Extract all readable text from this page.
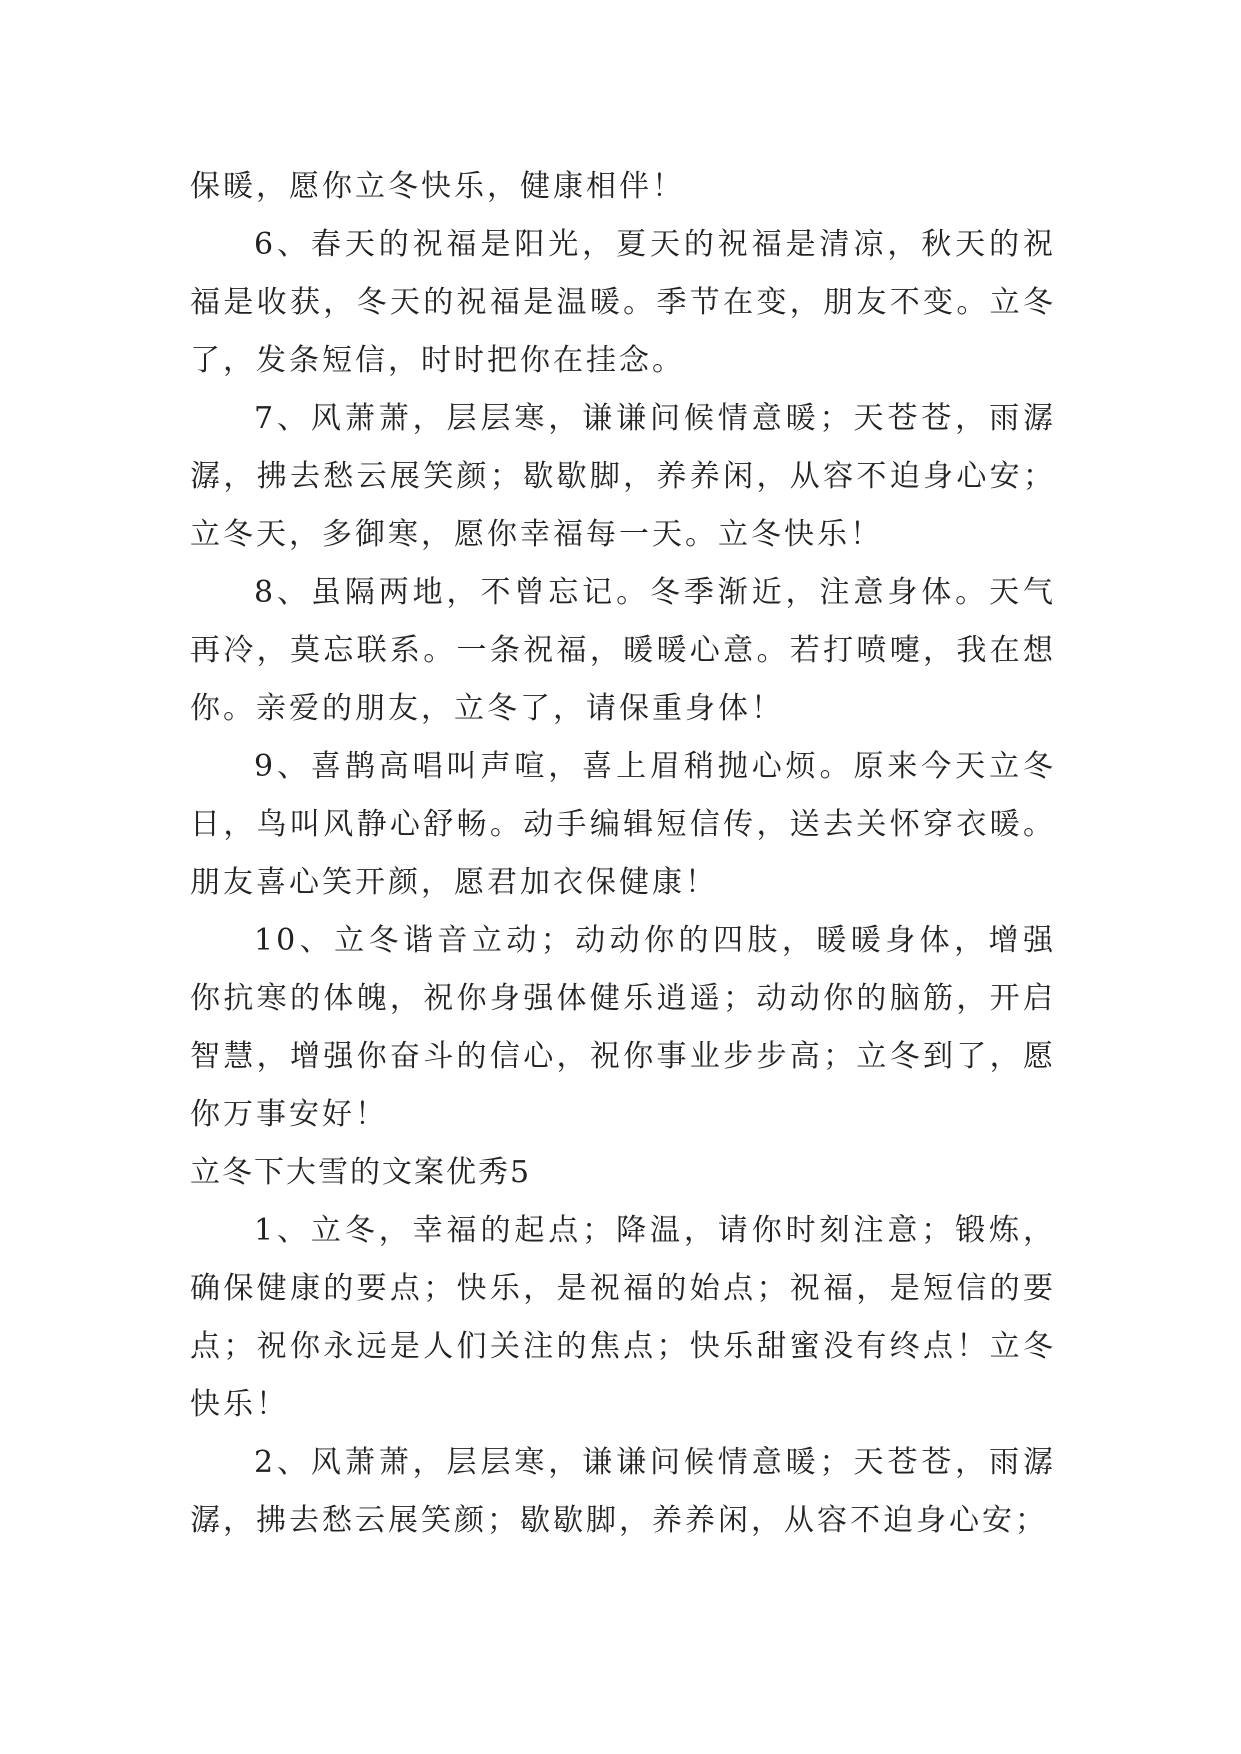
保暖，愿你立冬快乐，健康相伴！

6、春天的祝福是阳光，夏天的祝福是清凉，秋天的祝福是收获，冬天的祝福是温暖。季节在变，朋友不变。立冬了，发条短信，时时把你在挂念。

7、风萧萧，层层寒，谦谦问候情意暖；天苍苍，雨潺潺，拂去愁云展笑颜；歇歇脚，养养闲，从容不迫身心安；立冬天，多御寒，愿你幸福每一天。立冬快乐！

8、虽隔两地，不曾忘记。冬季渐近，注意身体。天气再冷，莫忘联系。一条祝福，暖暖心意。若打喷嚏，我在想你。亲爱的朋友，立冬了，请保重身体！

9、喜鹊高唱叫声喧，喜上眉稍抛心烦。原来今天立冬日，鸟叫风静心舒畅。动手编辑短信传，送去关怀穿衣暖。朋友喜心笑开颜，愿君加衣保健康！

10、立冬谐音立动；动动你的四肢，暖暖身体，增强你抗寒的体魄，祝你身强体健乐逍遥；动动你的脑筋，开启智慧，增强你奋斗的信心，祝你事业步步高；立冬到了，愿你万事安好！

立冬下大雪的文案优秀5

1、立冬，幸福的起点；降温，请你时刻注意；锻炼，确保健康的要点；快乐，是祝福的始点；祝福，是短信的要点；祝你永远是人们关注的焦点；快乐甜蜜没有终点！立冬快乐！

2、风萧萧，层层寒，谦谦问候情意暖；天苍苍，雨潺潺，拂去愁云展笑颜；歇歇脚，养养闲，从容不迫身心安；
